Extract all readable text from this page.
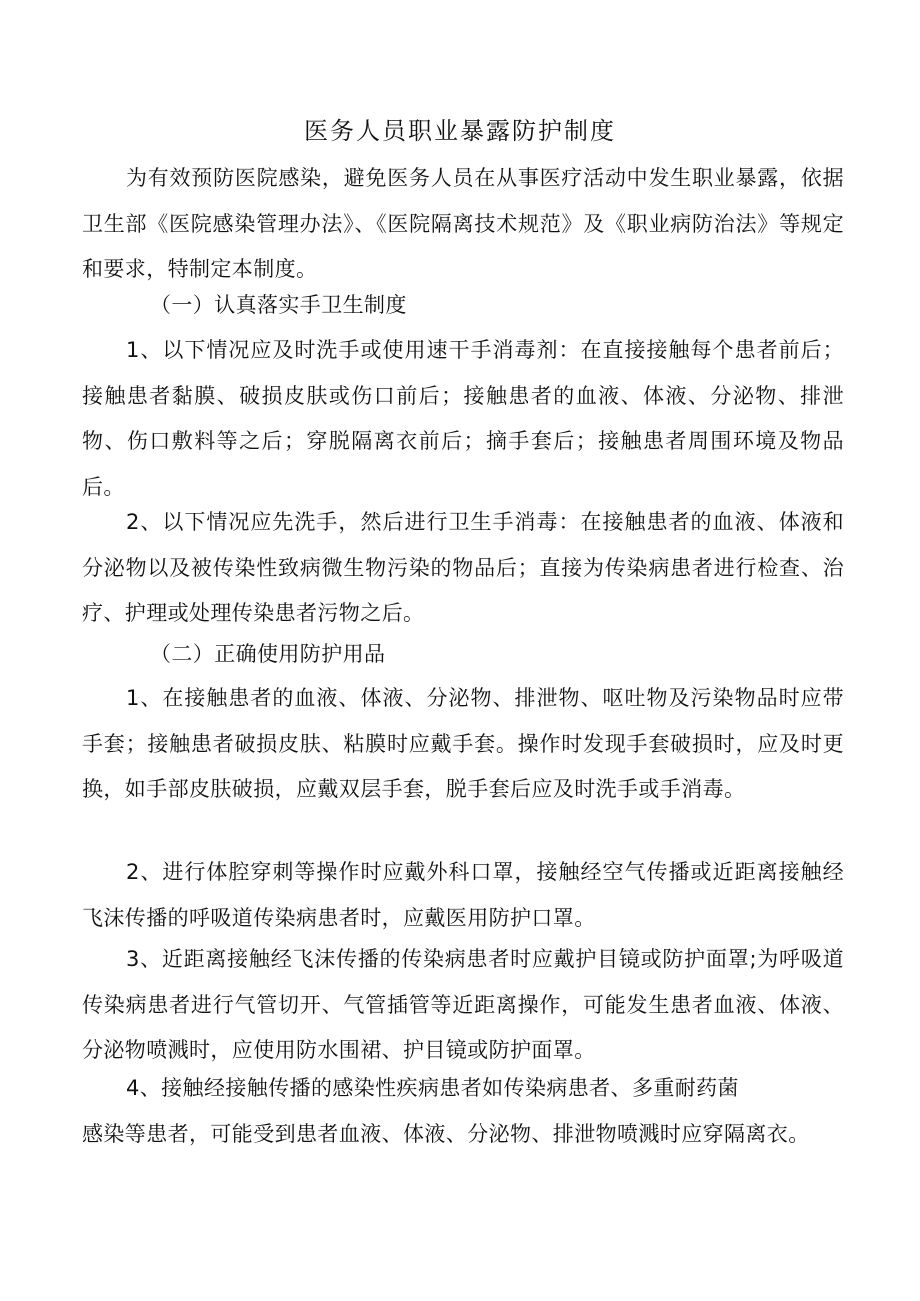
医务人员职业暴露防护制度

为有效预防医院感染，避免医务人员在从事医疗活动中发生职业暴露，依据卫生部《医院感染管理办法》、《医院隔离技术规范》及《职业病防治法》等规定和要求，特制定本制度。

（一）认真落实手卫生制度

1、以下情况应及时洗手或使用速干手消毒剂：在直接接触每个患者前后；接触患者黏膜、破损皮肤或伤口前后；接触患者的血液、体液、分泌物、排泄物、伤口敷料等之后；穿脱隔离衣前后；摘手套后；接触患者周围环境及物品后。

2、以下情况应先洗手，然后进行卫生手消毒：在接触患者的血液、体液和分泌物以及被传染性致病微生物污染的物品后；直接为传染病患者进行检查、治疗、护理或处理传染患者污物之后。

（二）正确使用防护用品

1、在接触患者的血液、体液、分泌物、排泄物、呕吐物及污染物品时应带手套；接触患者破损皮肤、粘膜时应戴手套。操作时发现手套破损时，应及时更换，如手部皮肤破损，应戴双层手套，脱手套后应及时洗手或手消毒。

2、进行体腔穿刺等操作时应戴外科口罩，接触经空气传播或近距离接触经飞沫传播的呼吸道传染病患者时，应戴医用防护口罩。

3、近距离接触经飞沫传播的传染病患者时应戴护目镜或防护面罩;为呼吸道传染病患者进行气管切开、气管插管等近距离操作，可能发生患者血液、体液、分泌物喷溅时，应使用防水围裙、护目镜或防护面罩。

4、接触经接触传播的感染性疾病患者如传染病患者、多重耐药菌
感染等患者，可能受到患者血液、体液、分泌物、排泄物喷溅时应穿隔离衣。
